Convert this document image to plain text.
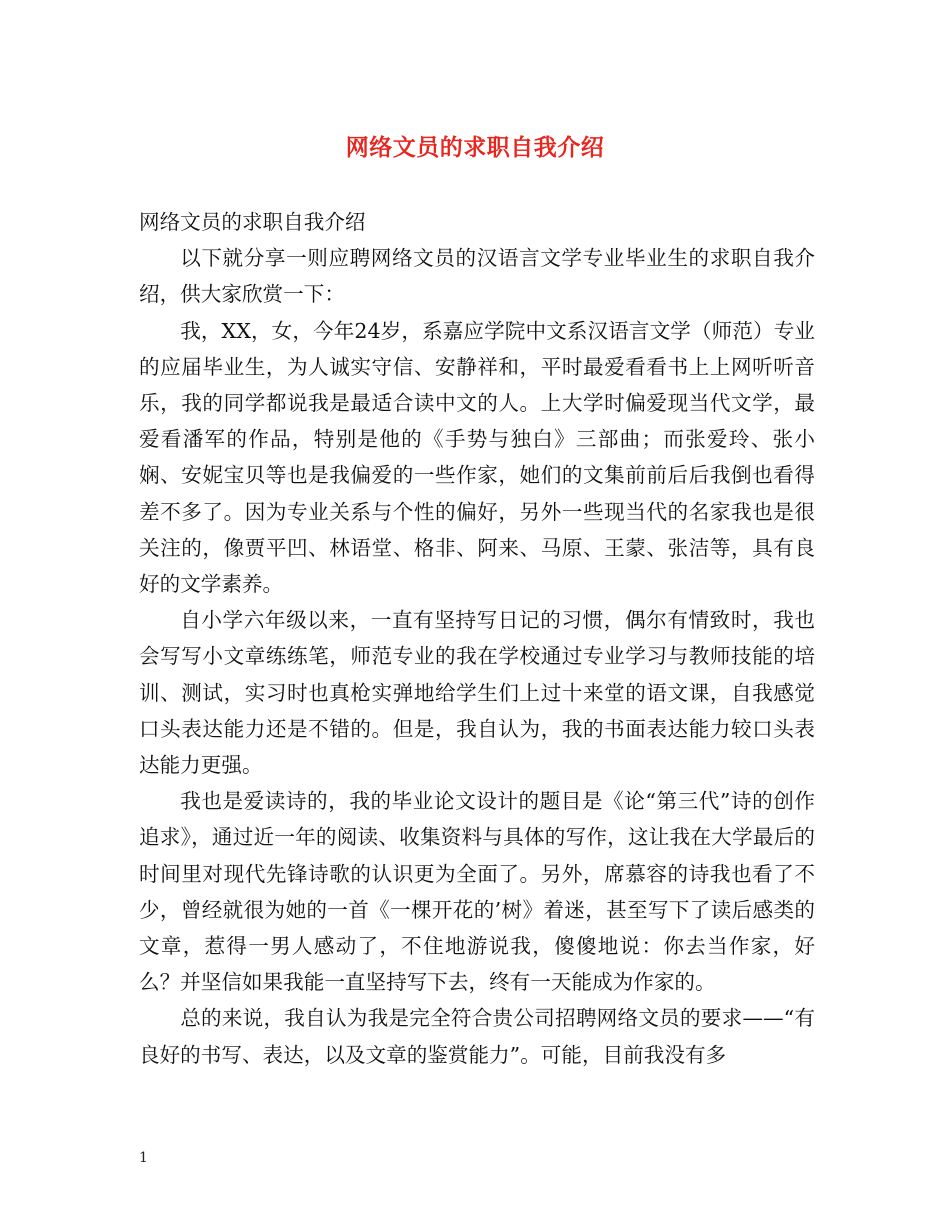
网络文员的求职自我介绍

网络文员的求职自我介绍

以下就分享一则应聘网络文员的汉语言文学专业毕业生的求职自我介绍，供大家欣赏一下：

我，XX，女，今年24岁，系嘉应学院中文系汉语言文学（师范）专业的应届毕业生，为人诚实守信、安静祥和，平时最爱看看书上上网听听音乐，我的同学都说我是最适合读中文的人。上大学时偏爱现当代文学，最爱看潘军的作品，特别是他的《手势与独白》三部曲；而张爱玲、张小娴、安妮宝贝等也是我偏爱的一些作家，她们的文集前前后后我倒也看得差不多了。因为专业关系与个性的偏好，另外一些现当代的名家我也是很关注的，像贾平凹、林语堂、格非、阿来、马原、王蒙、张洁等，具有良好的文学素养。

自小学六年级以来，一直有坚持写日记的习惯，偶尔有情致时，我也会写写小文章练练笔，师范专业的我在学校通过专业学习与教师技能的培训、测试，实习时也真枪实弹地给学生们上过十来堂的语文课，自我感觉口头表达能力还是不错的。但是，我自认为，我的书面表达能力较口头表达能力更强。

我也是爱读诗的，我的毕业论文设计的题目是《论“第三代”诗的创作追求》，通过近一年的阅读、收集资料与具体的写作，这让我在大学最后的时间里对现代先锋诗歌的认识更为全面了。另外，席慕容的诗我也看了不少，曾经就很为她的一首《一棵开花的’树》着迷，甚至写下了读后感类的文章，惹得一男人感动了，不住地游说我，傻傻地说：你去当作家，好么？并坚信如果我能一直坚持写下去，终有一天能成为作家的。

总的来说，我自认为我是完全符合贵公司招聘网络文员的要求——“有良好的书写、表达，以及文章的鉴赏能力”。可能，目前我没有多

1
